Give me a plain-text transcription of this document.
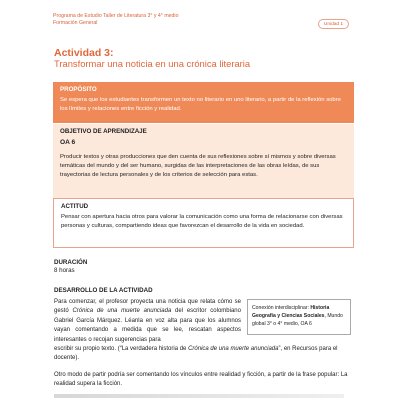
Programa de Estudio Taller de Literatura 3° y 4° medio
Formación General	Unidad 1
Actividad 3:
Transformar una noticia en una crónica literaria
PROPÓSITO
Se espera que los estudiantes transformen un texto no literario en uno literario, a partir de la reflexión sobre los límites y relaciones entre ficción y realidad.
OBJETIVO DE APRENDIZAJE
OA 6
Producir textos y otras producciones que den cuenta de sus reflexiones sobre sí mismos y sobre diversas temáticas del mundo y del ser humano, surgidas de las interpretaciones de las obras leídas, de sus trayectorias de lectura personales y de los criterios de selección para estas.
ACTITUD
Pensar con apertura hacia otros para valorar la comunicación como una forma de relacionarse con diversas personas y culturas, compartiendo ideas que favorezcan el desarrollo de la vida en sociedad.
DURACIÓN
8 horas
DESARROLLO DE LA ACTIVIDAD
Para comenzar, el profesor proyecta una noticia que relata cómo se gestó Crónica de una muerte anunciada del escritor colombiano Gabriel García Márquez. Léanla en voz alta para que los alumnos vayan comentando a medida que se lee, rescatan aspectos interesantes o recojan sugerencias para
escribir su propio texto. (“La verdadera historia de Crónica de una muerte anunciada”, en Recursos para el docente).
Otro modo de partir podría ser comentando los vínculos entre realidad y ficción, a partir de la frase popular: La realidad supera la ficción.
Conexión interdisciplinar: Historia Geografía y Ciencias Sociales, Mundo global 3° o 4° medio, OA 6
